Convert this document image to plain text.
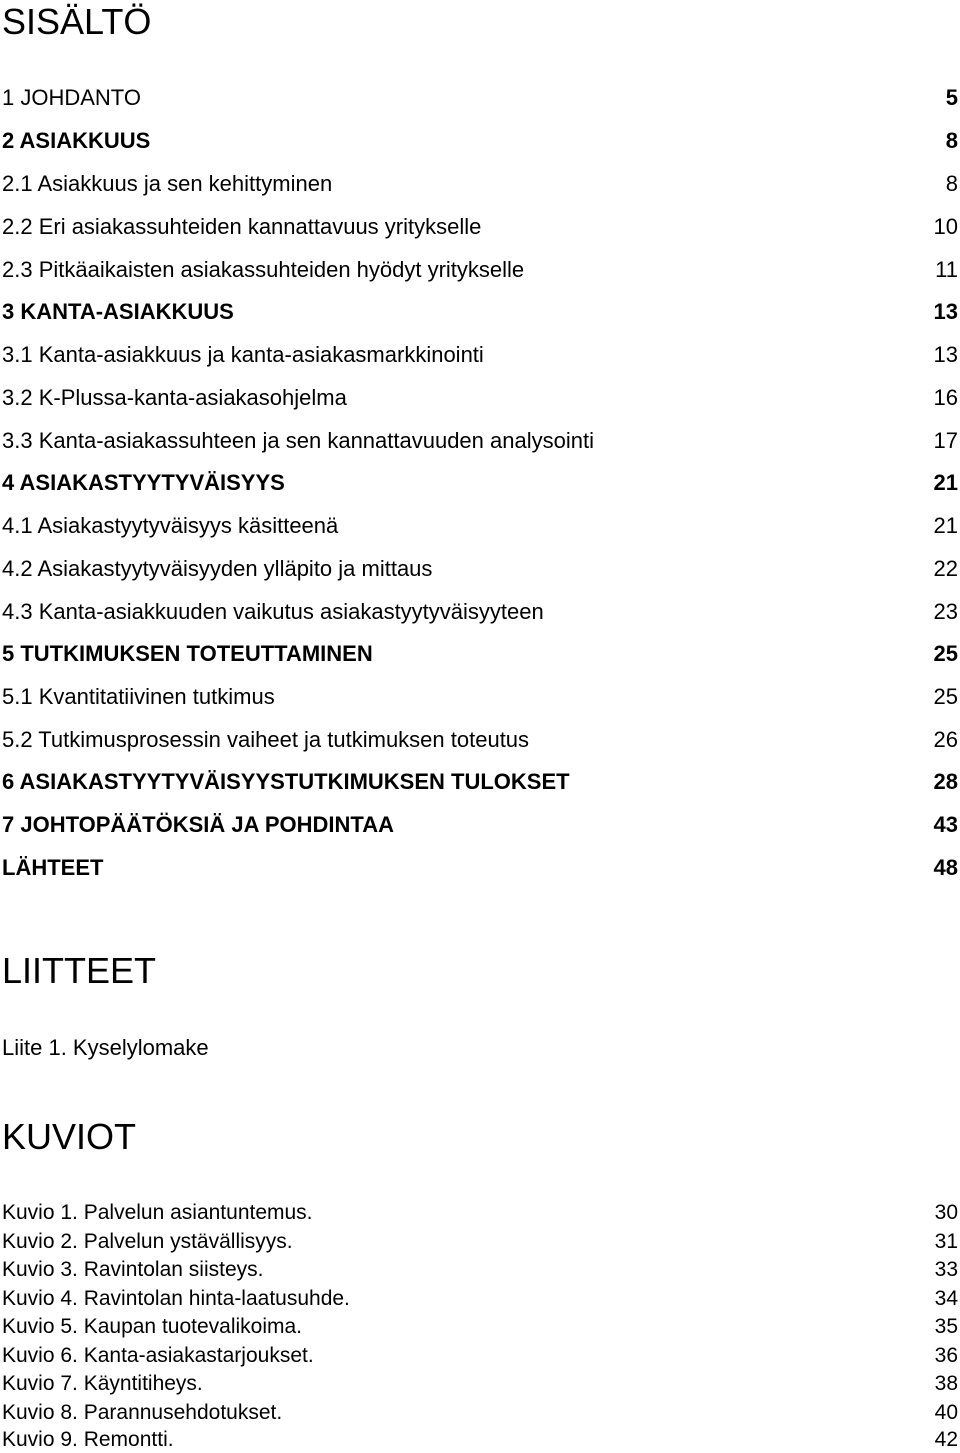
SISÄLTÖ
1 JOHDANTO	5
2 ASIAKKUUS	8
2.1 Asiakkuus ja sen kehittyminen	8
2.2 Eri asiakassuhteiden kannattavuus yritykselle	10
2.3 Pitkäaikaisten asiakassuhteiden hyödyt yritykselle	11
3 KANTA-ASIAKKUUS	13
3.1 Kanta-asiakkuus ja kanta-asiakasmarkkinointi	13
3.2 K-Plussa-kanta-asiakasohjelma	16
3.3 Kanta-asiakassuhteen ja sen kannattavuuden analysointi	17
4 ASIAKASTYYTYVÄISYYS	21
4.1 Asiakastyytyväisyys käsitteenä	21
4.2 Asiakastyytyväisyyden ylläpito ja mittaus	22
4.3 Kanta-asiakkuuden vaikutus asiakastyytyväisyyteen	23
5 TUTKIMUKSEN TOTEUTTAMINEN	25
5.1 Kvantitatiivinen tutkimus	25
5.2 Tutkimusprosessin vaiheet ja tutkimuksen toteutus	26
6 ASIAKASTYYTYVÄISYYSTUTKIMUKSEN TULOKSET	28
7 JOHTOPÄÄTÖKSIÄ JA POHDINTAA	43
LÄHTEET	48
LIITTEET
Liite 1. Kyselylomake
KUVIOT
Kuvio 1. Palvelun asiantuntemus.	30
Kuvio 2. Palvelun ystävällisyys.	31
Kuvio 3. Ravintolan siisteys.	33
Kuvio 4. Ravintolan hinta-laatusuhde.	34
Kuvio 5. Kaupan tuotevalikoima.	35
Kuvio 6. Kanta-asiakastarjoukset.	36
Kuvio 7. Käyntitiheys.	38
Kuvio 8. Parannusehdotukset.	40
Kuvio 9. Remontti.	42
